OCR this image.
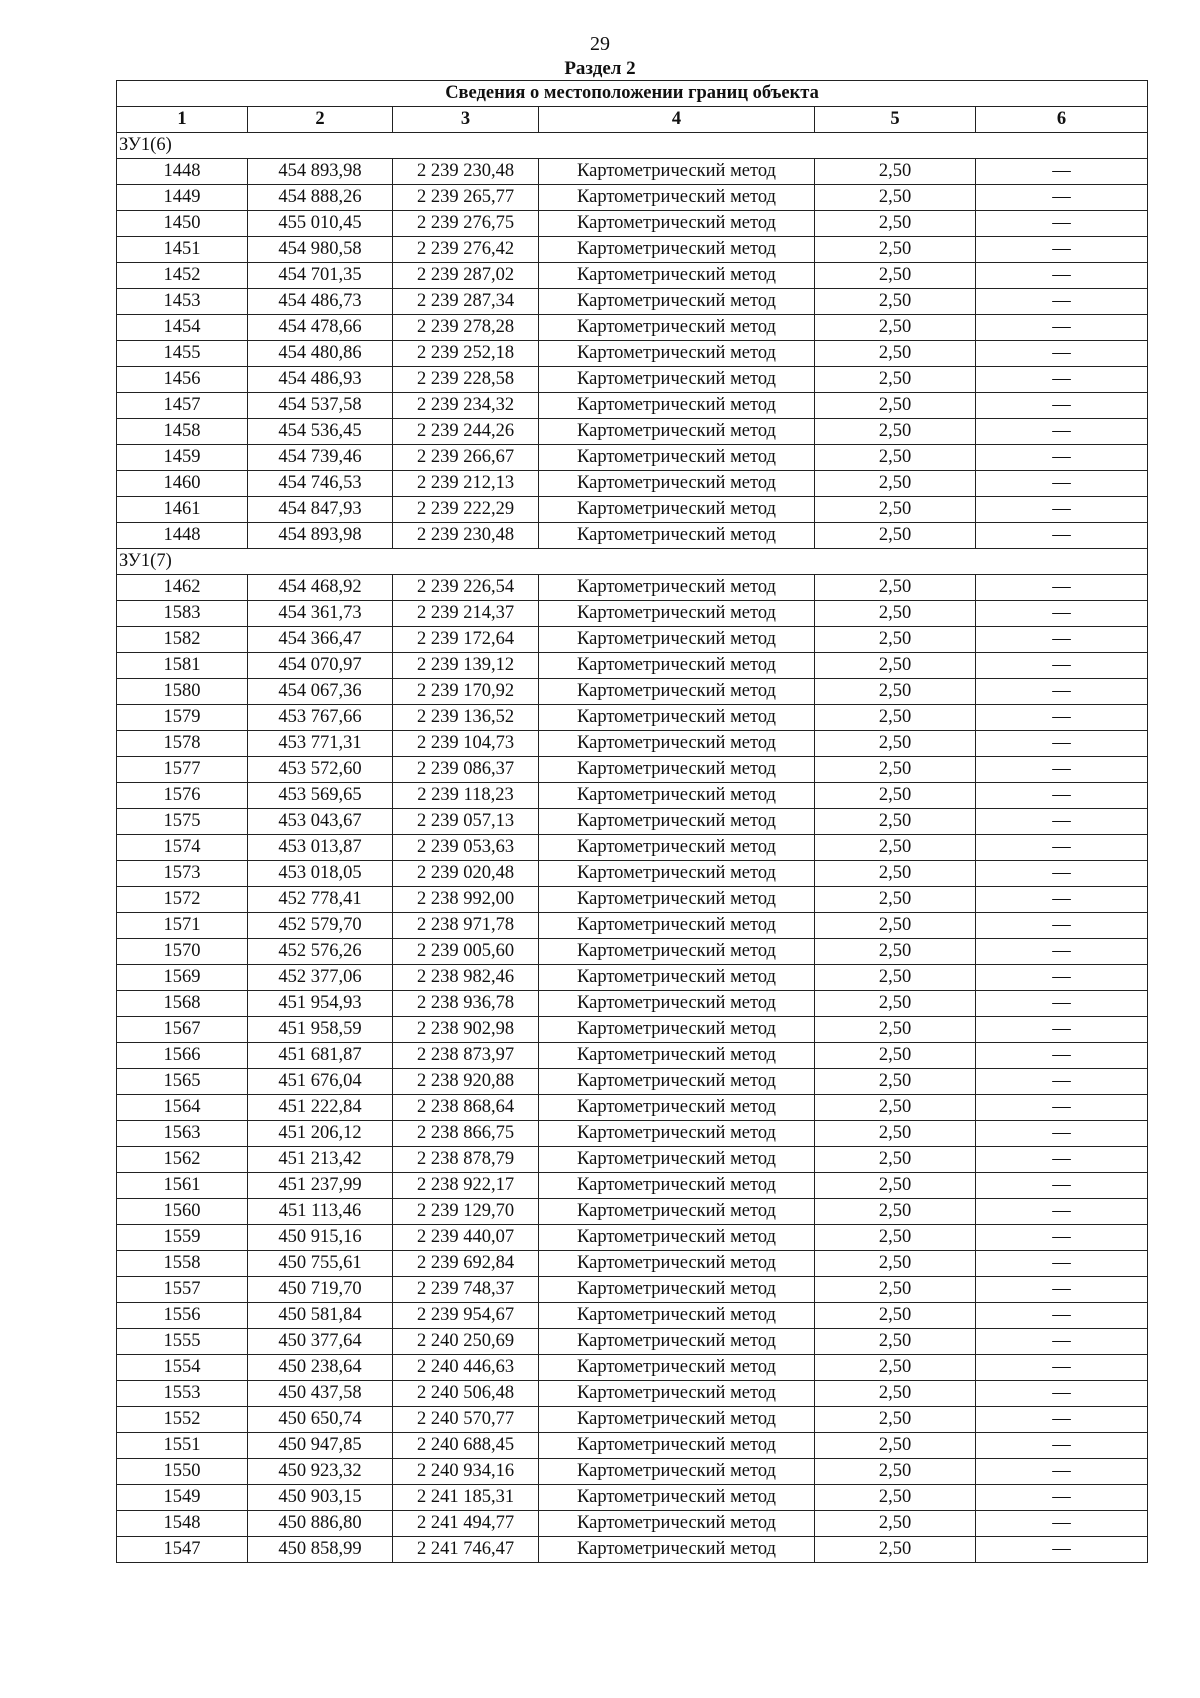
29
Раздел 2
Сведения о местоположении границ объекта					
1	2	3	4	5	6
ЗУ1(6)					
1448	454 893,98	2 239 230,48	Картометрический метод	2,50	—
1449	454 888,26	2 239 265,77	Картометрический метод	2,50	—
1450	455 010,45	2 239 276,75	Картометрический метод	2,50	—
1451	454 980,58	2 239 276,42	Картометрический метод	2,50	—
1452	454 701,35	2 239 287,02	Картометрический метод	2,50	—
1453	454 486,73	2 239 287,34	Картометрический метод	2,50	—
1454	454 478,66	2 239 278,28	Картометрический метод	2,50	—
1455	454 480,86	2 239 252,18	Картометрический метод	2,50	—
1456	454 486,93	2 239 228,58	Картометрический метод	2,50	—
1457	454 537,58	2 239 234,32	Картометрический метод	2,50	—
1458	454 536,45	2 239 244,26	Картометрический метод	2,50	—
1459	454 739,46	2 239 266,67	Картометрический метод	2,50	—
1460	454 746,53	2 239 212,13	Картометрический метод	2,50	—
1461	454 847,93	2 239 222,29	Картометрический метод	2,50	—
1448	454 893,98	2 239 230,48	Картометрический метод	2,50	—
ЗУ1(7)					
1462	454 468,92	2 239 226,54	Картометрический метод	2,50	—
1583	454 361,73	2 239 214,37	Картометрический метод	2,50	—
1582	454 366,47	2 239 172,64	Картометрический метод	2,50	—
1581	454 070,97	2 239 139,12	Картометрический метод	2,50	—
1580	454 067,36	2 239 170,92	Картометрический метод	2,50	—
1579	453 767,66	2 239 136,52	Картометрический метод	2,50	—
1578	453 771,31	2 239 104,73	Картометрический метод	2,50	—
1577	453 572,60	2 239 086,37	Картометрический метод	2,50	—
1576	453 569,65	2 239 118,23	Картометрический метод	2,50	—
1575	453 043,67	2 239 057,13	Картометрический метод	2,50	—
1574	453 013,87	2 239 053,63	Картометрический метод	2,50	—
1573	453 018,05	2 239 020,48	Картометрический метод	2,50	—
1572	452 778,41	2 238 992,00	Картометрический метод	2,50	—
1571	452 579,70	2 238 971,78	Картометрический метод	2,50	—
1570	452 576,26	2 239 005,60	Картометрический метод	2,50	—
1569	452 377,06	2 238 982,46	Картометрический метод	2,50	—
1568	451 954,93	2 238 936,78	Картометрический метод	2,50	—
1567	451 958,59	2 238 902,98	Картометрический метод	2,50	—
1566	451 681,87	2 238 873,97	Картометрический метод	2,50	—
1565	451 676,04	2 238 920,88	Картометрический метод	2,50	—
1564	451 222,84	2 238 868,64	Картометрический метод	2,50	—
1563	451 206,12	2 238 866,75	Картометрический метод	2,50	—
1562	451 213,42	2 238 878,79	Картометрический метод	2,50	—
1561	451 237,99	2 238 922,17	Картометрический метод	2,50	—
1560	451 113,46	2 239 129,70	Картометрический метод	2,50	—
1559	450 915,16	2 239 440,07	Картометрический метод	2,50	—
1558	450 755,61	2 239 692,84	Картометрический метод	2,50	—
1557	450 719,70	2 239 748,37	Картометрический метод	2,50	—
1556	450 581,84	2 239 954,67	Картометрический метод	2,50	—
1555	450 377,64	2 240 250,69	Картометрический метод	2,50	—
1554	450 238,64	2 240 446,63	Картометрический метод	2,50	—
1553	450 437,58	2 240 506,48	Картометрический метод	2,50	—
1552	450 650,74	2 240 570,77	Картометрический метод	2,50	—
1551	450 947,85	2 240 688,45	Картометрический метод	2,50	—
1550	450 923,32	2 240 934,16	Картометрический метод	2,50	—
1549	450 903,15	2 241 185,31	Картометрический метод	2,50	—
1548	450 886,80	2 241 494,77	Картометрический метод	2,50	—
1547	450 858,99	2 241 746,47	Картометрический метод	2,50	—
